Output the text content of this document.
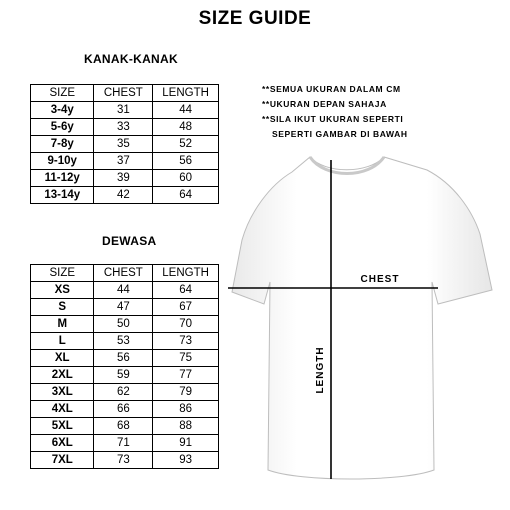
SIZE GUIDE
KANAK-KANAK
SIZE	CHEST	LENGTH
3-4y	31	44
5-6y	33	48
7-8y	35	52
9-10y	37	56
11-12y	39	60
13-14y	42	64
DEWASA
SIZE	CHEST	LENGTH
XS	44	64
S	47	67
M	50	70
L	53	73
XL	56	75
2XL	59	77
3XL	62	79
4XL	66	86
5XL	68	88
6XL	71	91
7XL	73	93
**SEMUA UKURAN DALAM CM
**UKURAN DEPAN SAHAJA
**SILA IKUT UKURAN SEPERTI
SEPERTI GAMBAR DI BAWAH
CHEST
LENGTH
